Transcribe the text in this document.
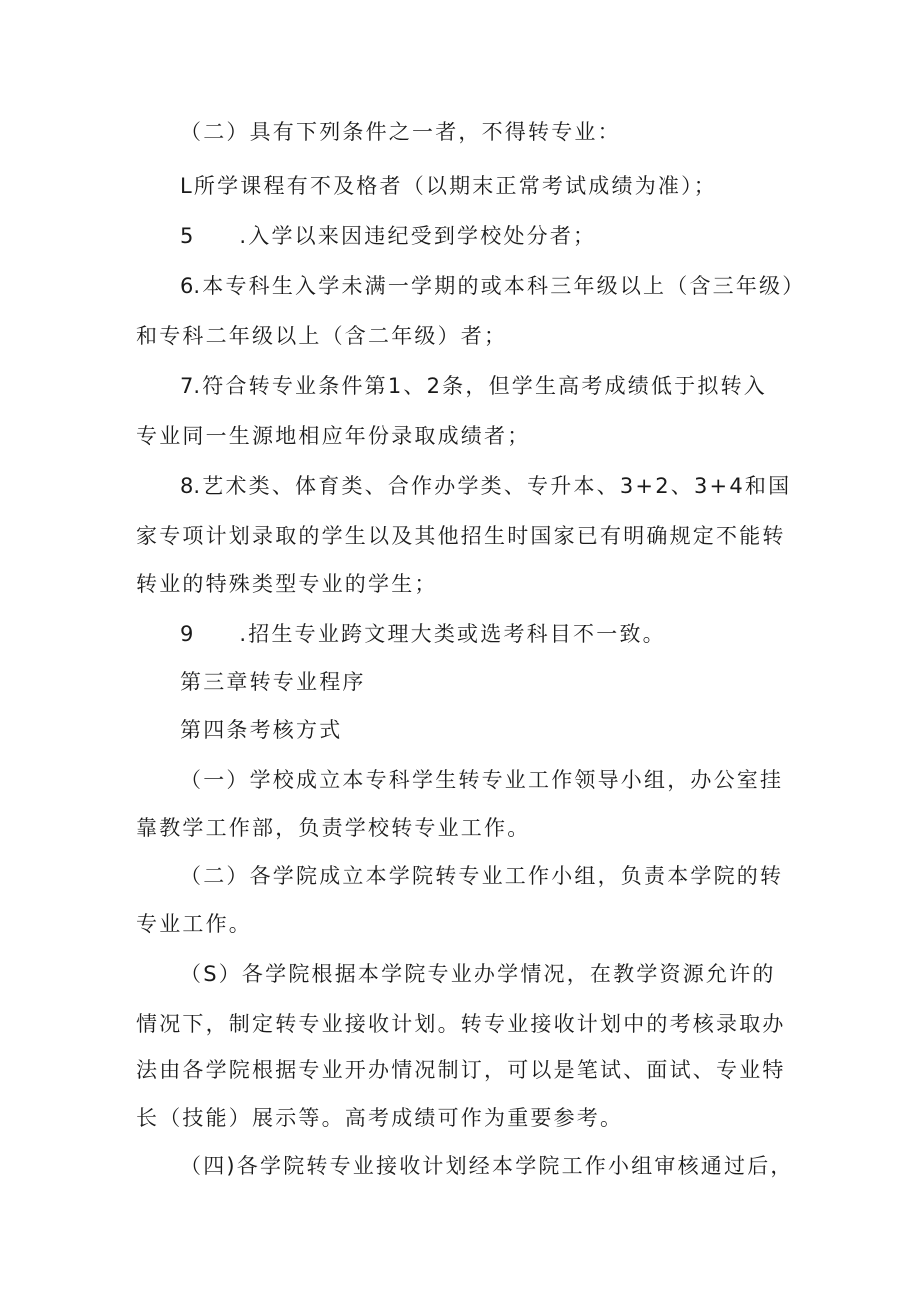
（二）具有下列条件之一者，不得转专业：
L所学课程有不及格者（以期末正常考试成绩为准）；
5 .入学以来因违纪受到学校处分者；
6.本专科生入学未满一学期的或本科三年级以上（含三年级）
和专科二年级以上（含二年级）者；
7.符合转专业条件第1、2条，但学生高考成绩低于拟转入
专业同一生源地相应年份录取成绩者；
8.艺术类、体育类、合作办学类、专升本、3+2、3+4和国
家专项计划录取的学生以及其他招生时国家已有明确规定不能转
转业的特殊类型专业的学生；
9 .招生专业跨文理大类或选考科目不一致。
第三章转专业程序
第四条考核方式
（一）学校成立本专科学生转专业工作领导小组，办公室挂
靠教学工作部，负责学校转专业工作。
（二）各学院成立本学院转专业工作小组，负责本学院的转
专业工作。
（S）各学院根据本学院专业办学情况，在教学资源允许的
情况下，制定转专业接收计划。转专业接收计划中的考核录取办
法由各学院根据专业开办情况制订，可以是笔试、面试、专业特
长（技能）展示等。高考成绩可作为重要参考。
（四)各学院转专业接收计划经本学院工作小组审核通过后，
